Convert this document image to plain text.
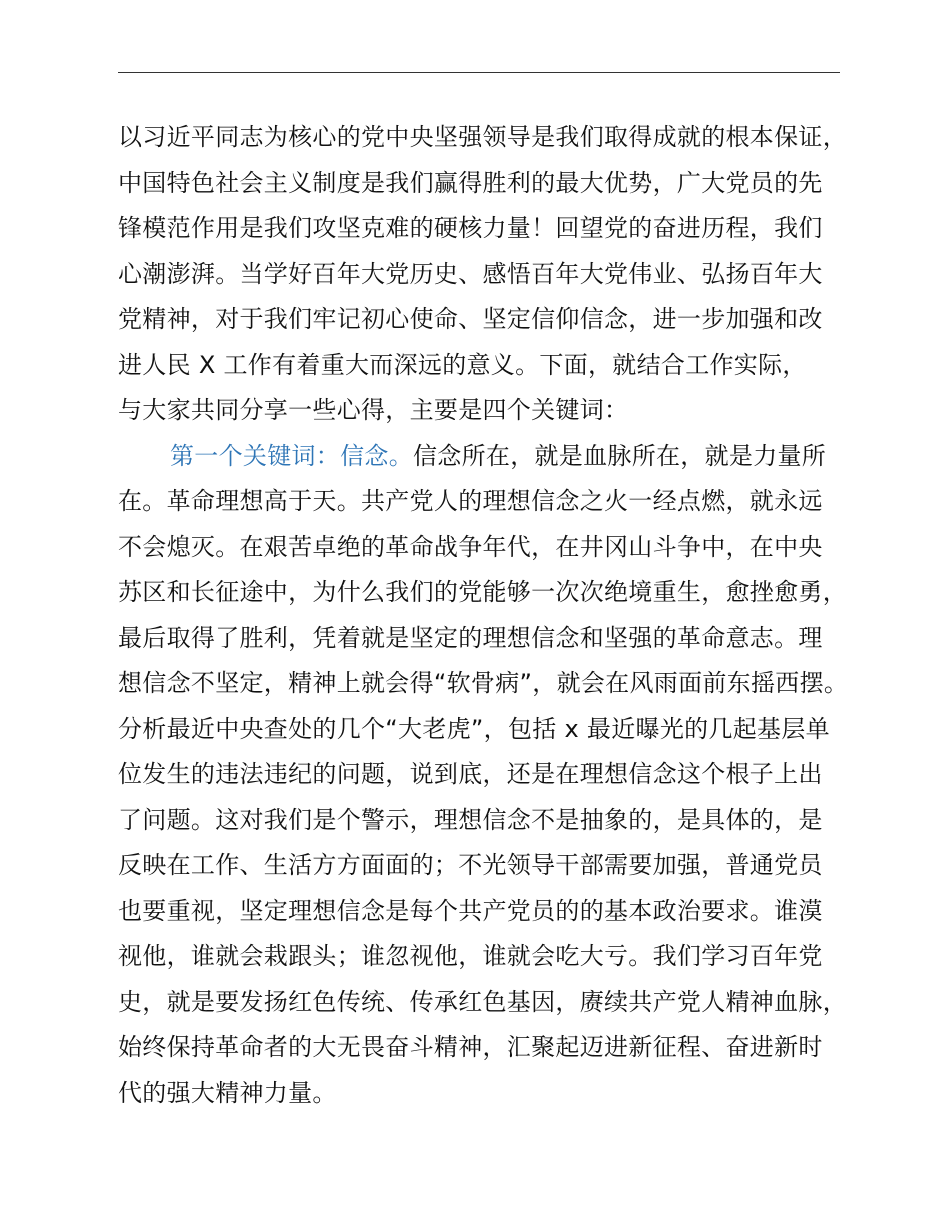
以习近平同志为核心的党中央坚强领导是我们取得成就的根本保证，
中国特色社会主义制度是我们赢得胜利的最大优势，广大党员的先
锋模范作用是我们攻坚克难的硬核力量！回望党的奋进历程，我们
心潮澎湃。当学好百年大党历史、感悟百年大党伟业、弘扬百年大
党精神，对于我们牢记初心使命、坚定信仰信念，进一步加强和改
进人民 X 工作有着重大而深远的意义。下面，就结合工作实际，
与大家共同分享一些心得，主要是四个关键词：
第一个关键词：信念。信念所在，就是血脉所在，就是力量所
在。革命理想高于天。共产党人的理想信念之火一经点燃，就永远
不会熄灭。在艰苦卓绝的革命战争年代，在井冈山斗争中，在中央
苏区和长征途中，为什么我们的党能够一次次绝境重生，愈挫愈勇，
最后取得了胜利，凭着就是坚定的理想信念和坚强的革命意志。理
想信念不坚定，精神上就会得“软骨病”，就会在风雨面前东摇西摆。
分析最近中央查处的几个“大老虎”，包括 x 最近曝光的几起基层单
位发生的违法违纪的问题，说到底，还是在理想信念这个根子上出
了问题。这对我们是个警示，理想信念不是抽象的，是具体的，是
反映在工作、生活方方面面的；不光领导干部需要加强，普通党员
也要重视，坚定理想信念是每个共产党员的的基本政治要求。谁漠
视他，谁就会栽跟头；谁忽视他，谁就会吃大亏。我们学习百年党
史，就是要发扬红色传统、传承红色基因，赓续共产党人精神血脉，
始终保持革命者的大无畏奋斗精神，汇聚起迈进新征程、奋进新时
代的强大精神力量。
